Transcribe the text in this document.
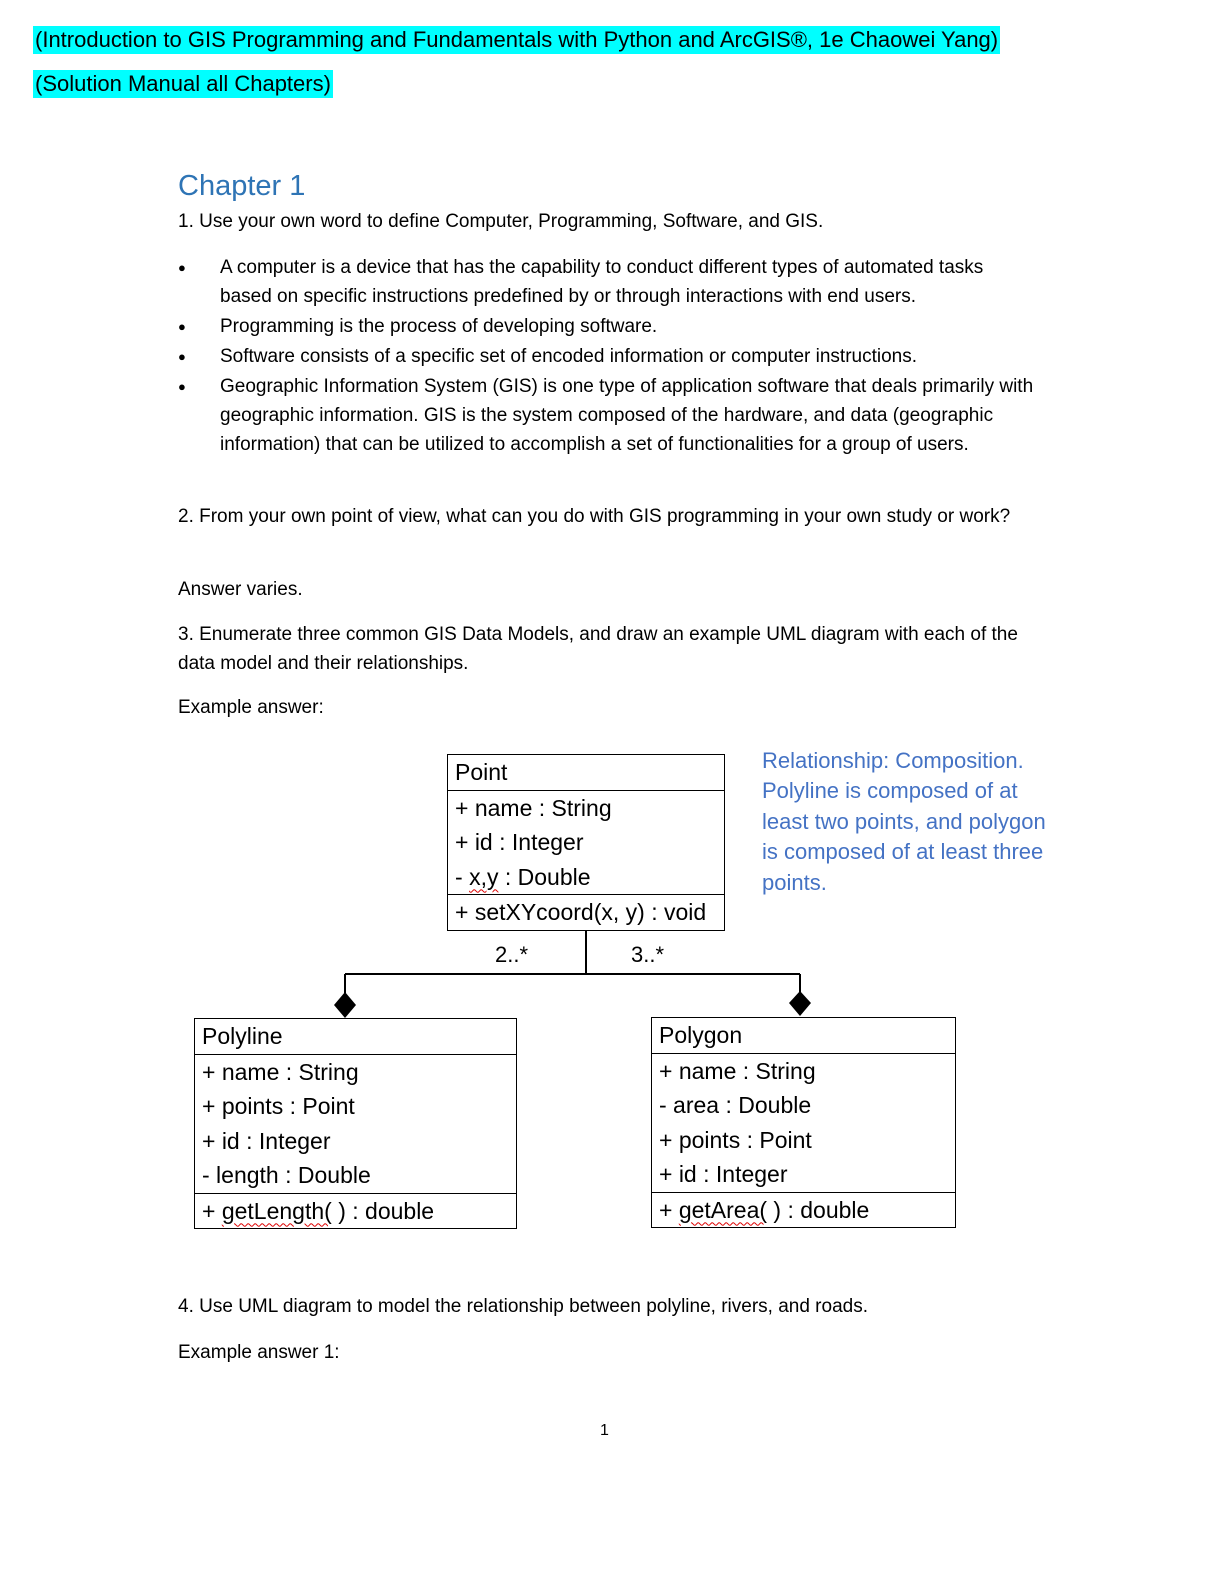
(Introduction to GIS Programming and Fundamentals with Python and ArcGIS®, 1e Chaowei Yang)
(Solution Manual all Chapters)
Chapter 1
1. Use your own word to define Computer, Programming, Software, and GIS.
● A computer is a device that has the capability to conduct different types of automated tasks based on specific instructions predefined by or through interactions with end users.
● Programming is the process of developing software.
● Software consists of a specific set of encoded information or computer instructions.
● Geographic Information System (GIS) is one type of application software that deals primarily with geographic information. GIS is the system composed of the hardware, and data (geographic information) that can be utilized to accomplish a set of functionalities for a group of users.
2. From your own point of view, what can you do with GIS programming in your own study or work?
Answer varies.
3. Enumerate three common GIS Data Models, and draw an example UML diagram with each of the data model and their relationships.
Example answer:
Point
+ name : String
+ id : Integer
- x,y : Double
+ setXYcoord(x, y) : void
2..*	3..*
Relationship: Composition. Polyline is composed of at least two points, and polygon is composed of at least three points.
Polyline
+ name : String
+ points : Point
+ id : Integer
- length : Double
+ getLength( ) : double
Polygon
+ name : String
- area : Double
+ points : Point
+ id : Integer
+ getArea( ) : double
4. Use UML diagram to model the relationship between polyline, rivers, and roads.
Example answer 1:
1
